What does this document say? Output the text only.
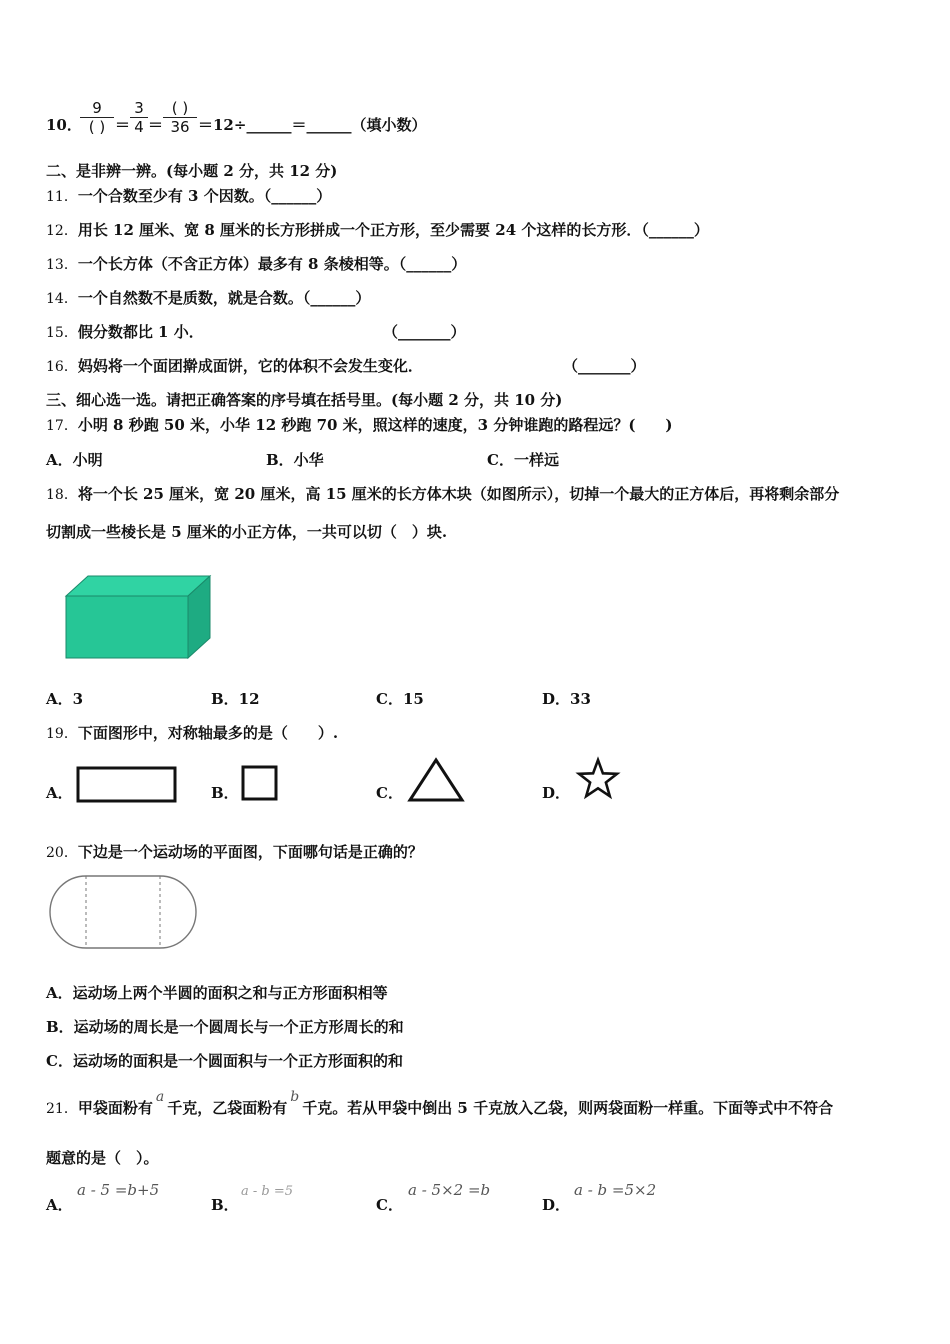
10．
9
( ) ＝
3
4 ＝
( )
36 ＝12÷______＝______（填小数）
二、是非辨一辨。(每小题 2 分，共 12 分)
11．一个合数至少有 3 个因数。（______）
12．用长 12 厘米、宽 8 厘米的长方形拼成一个正方形，至少需要 24 个这样的长方形．（______）
13．一个长方体（不含正方体）最多有 8 条棱相等。（______）
14．一个自然数不是质数，就是合数。（______）
15．假分数都比 1 小．	（_______）
16．妈妈将一个面团擀成面饼，它的体积不会发生变化．	（_______）
三、细心选一选。请把正确答案的序号填在括号里。(每小题 2 分，共 10 分)
17．小明 8 秒跑 50 米，小华 12 秒跑 70 米，照这样的速度，3 分钟谁跑的路程远？(　　)
A．小明	B．小华	C．一样远
18．将一个长 25 厘米，宽 20 厘米，高 15 厘米的长方体木块（如图所示），切掉一个最大的正方体后，再将剩余部分
切割成一些棱长是 5 厘米的小正方体，一共可以切（　）块.
A．3	B．12	C．15	D．33
19．下面图形中，对称轴最多的是（　　）.
A．	B．	C．	D．
20．下边是一个运动场的平面图，下面哪句话是正确的？
A．运动场上两个半圆的面积之和与正方形面积相等
B．运动场的周长是一个圆周长与一个正方形周长的和
C．运动场的面积是一个圆面积与一个正方形面积的和
21．甲袋面粉有a千克，乙袋面粉有b千克。若从甲袋中倒出 5 千克放入乙袋，则两袋面粉一样重。下面等式中不符合
题意的是（　）。
A．
a - 5 =b+5
B．
a - b =5
C．
a - 5×2 =b
D．
a - b =5×2
